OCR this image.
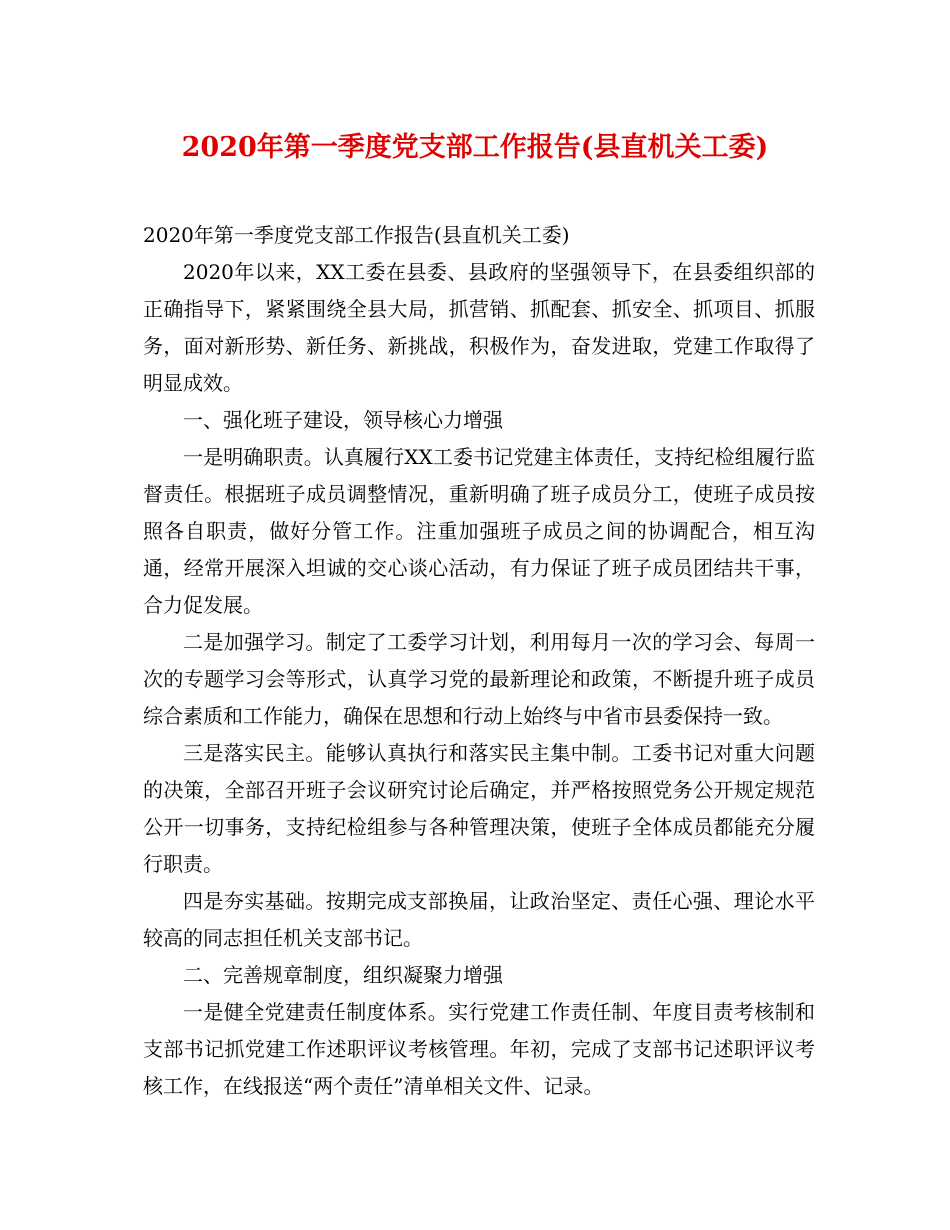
2020年第一季度党支部工作报告(县直机关工委)

2020年第一季度党支部工作报告(县直机关工委)

2020年以来，XX工委在县委、县政府的坚强领导下，在县委组织部的正确指导下，紧紧围绕全县大局，抓营销、抓配套、抓安全、抓项目、抓服务，面对新形势、新任务、新挑战，积极作为，奋发进取，党建工作取得了明显成效。

一、强化班子建设，领导核心力增强

一是明确职责。认真履行XX工委书记党建主体责任，支持纪检组履行监督责任。根据班子成员调整情况，重新明确了班子成员分工，使班子成员按照各自职责，做好分管工作。注重加强班子成员之间的协调配合，相互沟通，经常开展深入坦诚的交心谈心活动，有力保证了班子成员团结共干事，合力促发展。

二是加强学习。制定了工委学习计划，利用每月一次的学习会、每周一次的专题学习会等形式，认真学习党的最新理论和政策，不断提升班子成员综合素质和工作能力，确保在思想和行动上始终与中省市县委保持一致。

三是落实民主。能够认真执行和落实民主集中制。工委书记对重大问题的决策，全部召开班子会议研究讨论后确定，并严格按照党务公开规定规范公开一切事务，支持纪检组参与各种管理决策，使班子全体成员都能充分履行职责。

四是夯实基础。按期完成支部换届，让政治坚定、责任心强、理论水平较高的同志担任机关支部书记。

二、完善规章制度，组织凝聚力增强

一是健全党建责任制度体系。实行党建工作责任制、年度目责考核制和支部书记抓党建工作述职评议考核管理。年初，完成了支部书记述职评议考核工作，在线报送“两个责任”清单相关文件、记录。
